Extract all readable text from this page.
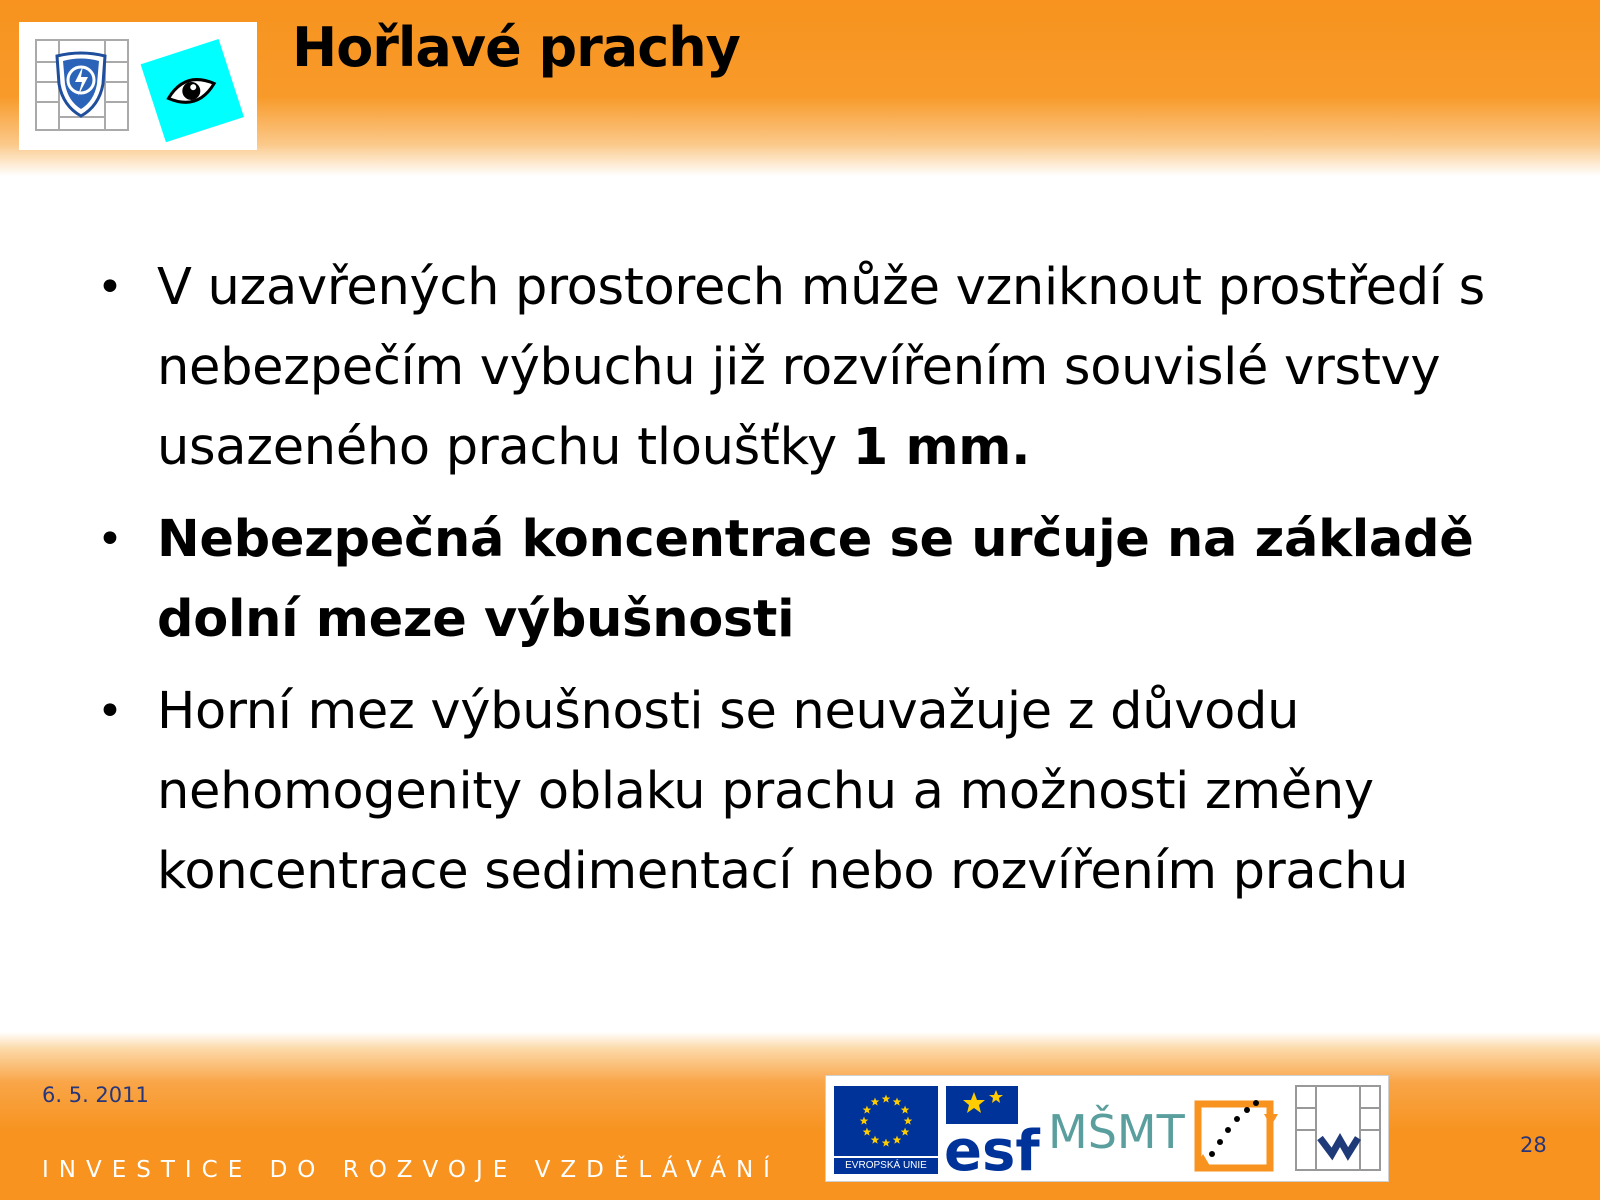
Hořlavé prachy
• V uzavřených prostorech může vzniknout prostředí s nebezpečím výbuchu již rozvířením souvislé vrstvy usazeného prachu tloušťky 1 mm.
• Nebezpečná koncentrace se určuje na základě dolní meze výbušnosti
• Horní mez výbušnosti se neuvažuje z důvodu nehomogenity oblaku prachu a možnosti změny koncentrace sedimentací nebo rozvířením prachu
6. 5. 2011
INVESTICE DO ROZVOJE VZDĚLÁVÁNÍ
28
EVROPSKÁ UNIE esf MŠMT
